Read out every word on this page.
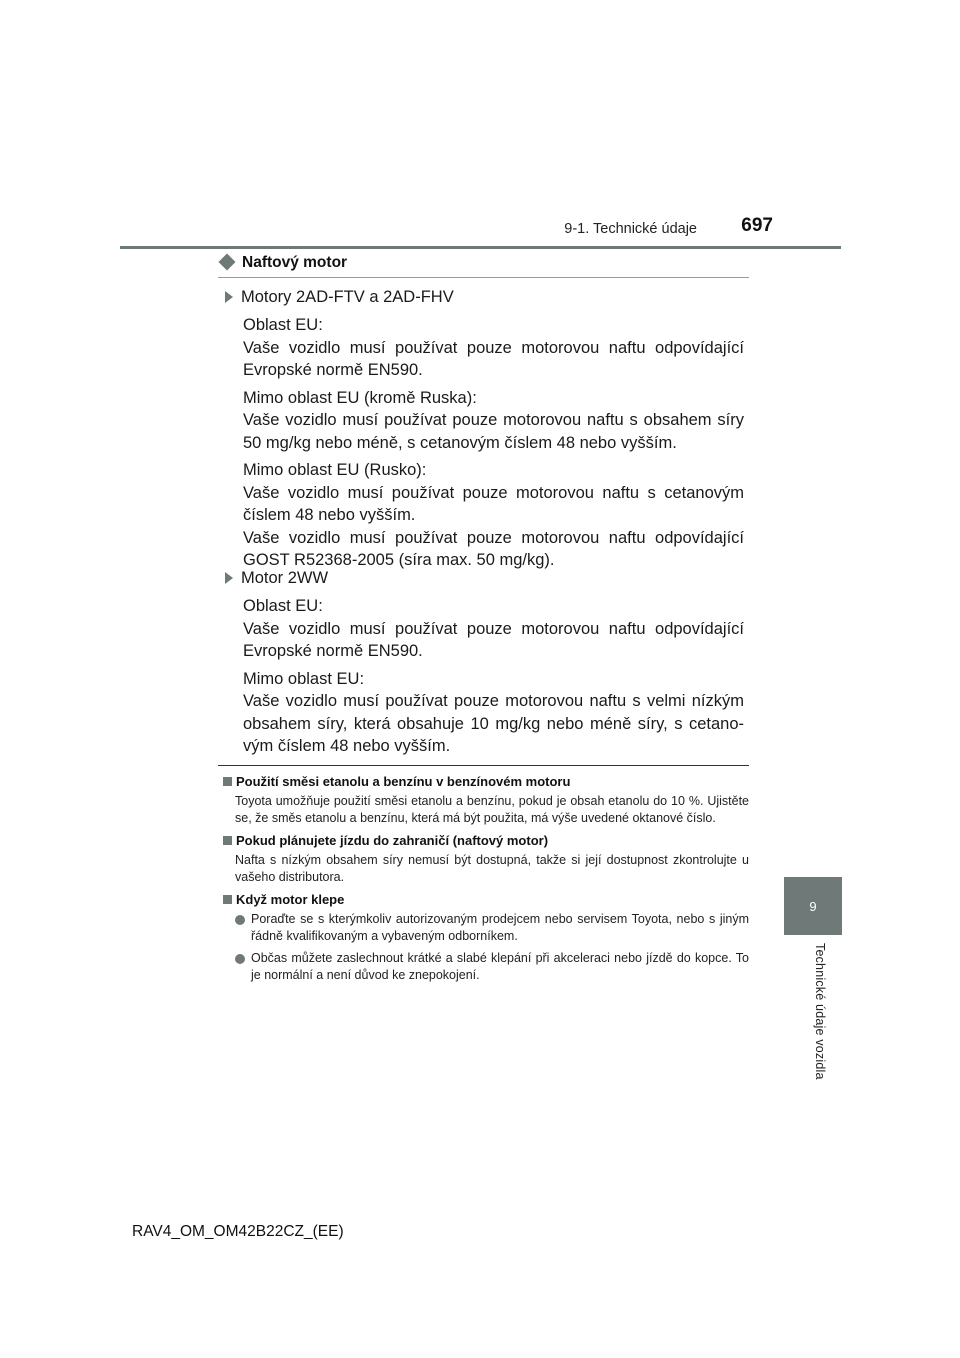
9-1. Technické údaje 697
9
Technické údaje vozidla
Naftový motor
Motory 2AD-FTV a 2AD-FHV
Oblast EU:
Vaše vozidlo musí používat pouze motorovou naftu odpovídající Evropské normě EN590.
Mimo oblast EU (kromě Ruska):
Vaše vozidlo musí používat pouze motorovou naftu s obsahem síry 50 mg/kg nebo méně, s cetanovým číslem 48 nebo vyšším.
Mimo oblast EU (Rusko):
Vaše vozidlo musí používat pouze motorovou naftu s cetanovým číslem 48 nebo vyšším.
Vaše vozidlo musí používat pouze motorovou naftu odpovídající GOST R52368-2005 (síra max. 50 mg/kg).
Motor 2WW
Oblast EU:
Vaše vozidlo musí používat pouze motorovou naftu odpovídající Evropské normě EN590.
Mimo oblast EU:
Vaše vozidlo musí používat pouze motorovou naftu s velmi nízkým obsahem síry, která obsahuje 10 mg/kg nebo méně síry, s cetano-vým číslem 48 nebo vyšším.
Použití směsi etanolu a benzínu v benzínovém motoru
Toyota umožňuje použití směsi etanolu a benzínu, pokud je obsah etanolu do 10 %. Ujistěte se, že směs etanolu a benzínu, která má být použita, má výše uvedené oktanové číslo.
Pokud plánujete jízdu do zahraničí (naftový motor)
Nafta s nízkým obsahem síry nemusí být dostupná, takže si její dostupnost zkontrolujte u vašeho distributora.
Když motor klepe
Poraďte se s kterýmkoliv autorizovaným prodejcem nebo servisem Toyota, nebo s jiným řádně kvalifikovaným a vybaveným odborníkem.
Občas můžete zaslechnout krátké a slabé klepání při akceleraci nebo jízdě do kopce. To je normální a není důvod ke znepokojení.
RAV4_OM_OM42B22CZ_(EE)
